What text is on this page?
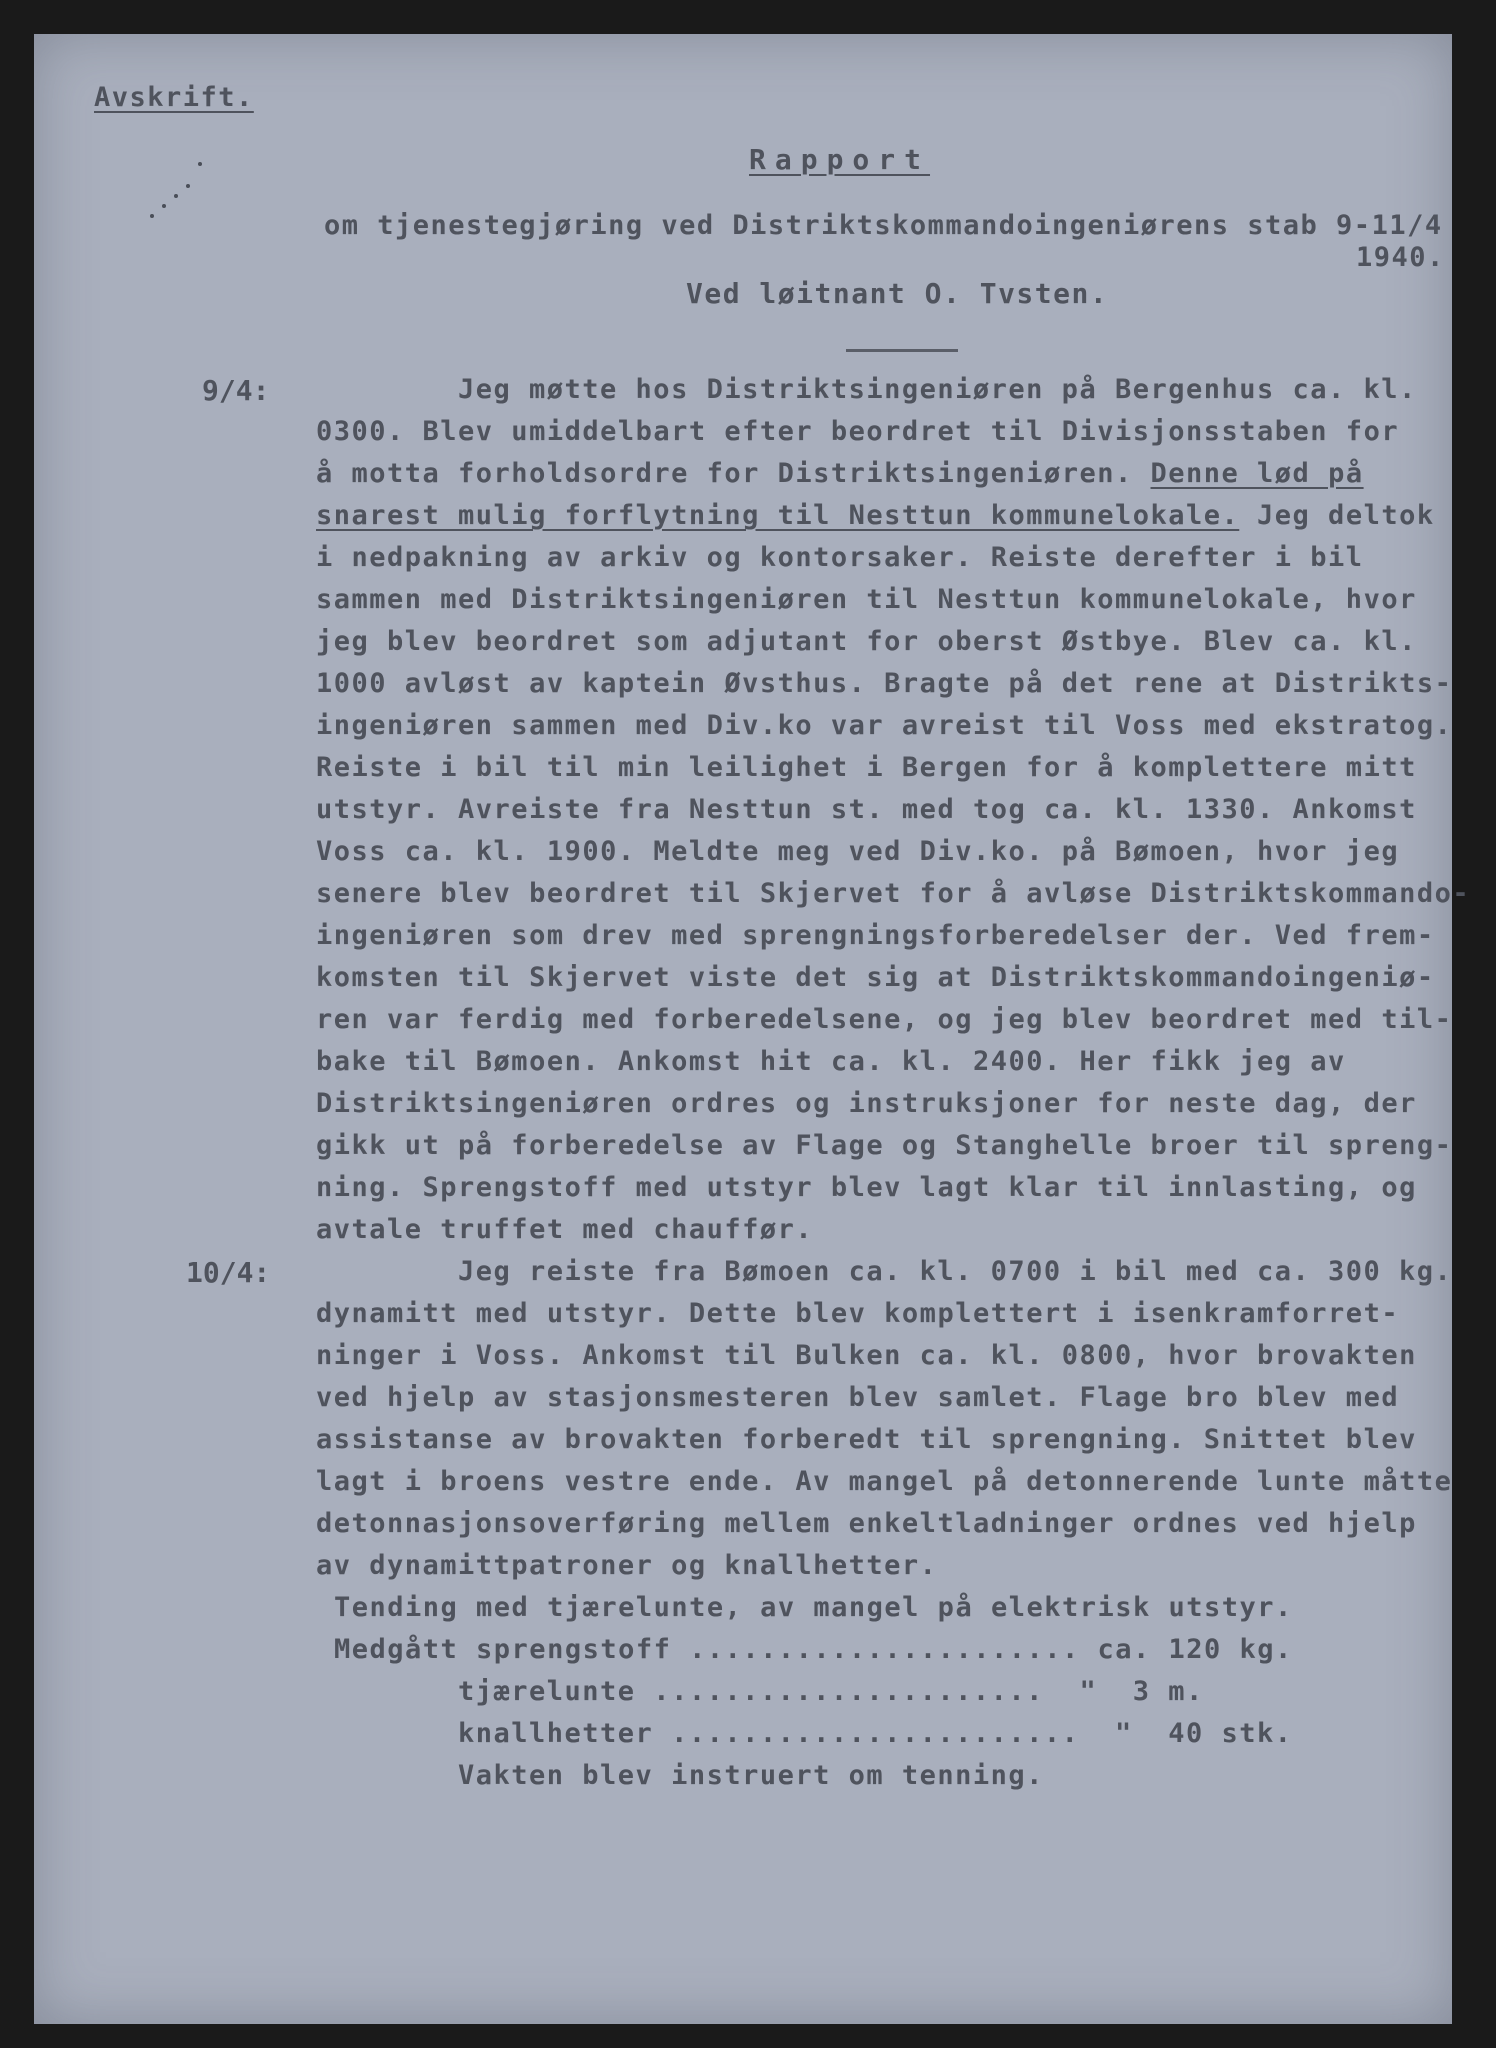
Avskrift.
Rapport
om tjenestegjøring ved Distriktskommandoingeniørens stab 9-11/4
1940.
Ved løitnant O. Tvsten.
9/4:	Jeg møtte hos Distriktsingeniøren på Bergenhus ca. kl.
0300. Blev umiddelbart efter beordret til Divisjonsstaben for
å motta forholdsordre for Distriktsingeniøren. Denne lød på
snarest mulig forflytning til Nesttun kommunelokale. Jeg deltok
i nedpakning av arkiv og kontorsaker. Reiste derefter i bil
sammen med Distriktsingeniøren til Nesttun kommunelokale, hvor
jeg blev beordret som adjutant for oberst Østbye. Blev ca. kl.
1000 avløst av kaptein Øvsthus. Bragte på det rene at Distrikts-
ingeniøren sammen med Div.ko var avreist til Voss med ekstratog.
Reiste i bil til min leilighet i Bergen for å komplettere mitt
utstyr. Avreiste fra Nesttun st. med tog ca. kl. 1330. Ankomst
Voss ca. kl. 1900. Meldte meg ved Div.ko. på Bømoen, hvor jeg
senere blev beordret til Skjervet for å avløse Distriktskommando-
ingeniøren som drev med sprengningsforberedelser der. Ved frem-
komsten til Skjervet viste det sig at Distriktskommandoingeniø-
ren var ferdig med forberedelsene, og jeg blev beordret med til-
bake til Bømoen. Ankomst hit ca. kl. 2400. Her fikk jeg av
Distriktsingeniøren ordres og instruksjoner for neste dag, der
gikk ut på forberedelse av Flage og Stanghelle broer til spreng-
ning. Sprengstoff med utstyr blev lagt klar til innlasting, og
avtale truffet med chauffør.
10/4:	Jeg reiste fra Bømoen ca. kl. 0700 i bil med ca. 300 kg.
dynamitt med utstyr. Dette blev komplettert i isenkramforret-
ninger i Voss. Ankomst til Bulken ca. kl. 0800, hvor brovakten
ved hjelp av stasjonsmesteren blev samlet. Flage bro blev med
assistanse av brovakten forberedt til sprengning. Snittet blev
lagt i broens vestre ende. Av mangel på detonnerende lunte måtte
detonnasjonsoverføring mellem enkeltladninger ordnes ved hjelp
av dynamittpatroner og knallhetter.
Tending med tjærelunte, av mangel på elektrisk utstyr.
Medgått sprengstoff ...................... ca. 120 kg.
tjærelunte ......................  "  3 m.
knallhetter .......................  "  40 stk.
Vakten blev instruert om tenning.
